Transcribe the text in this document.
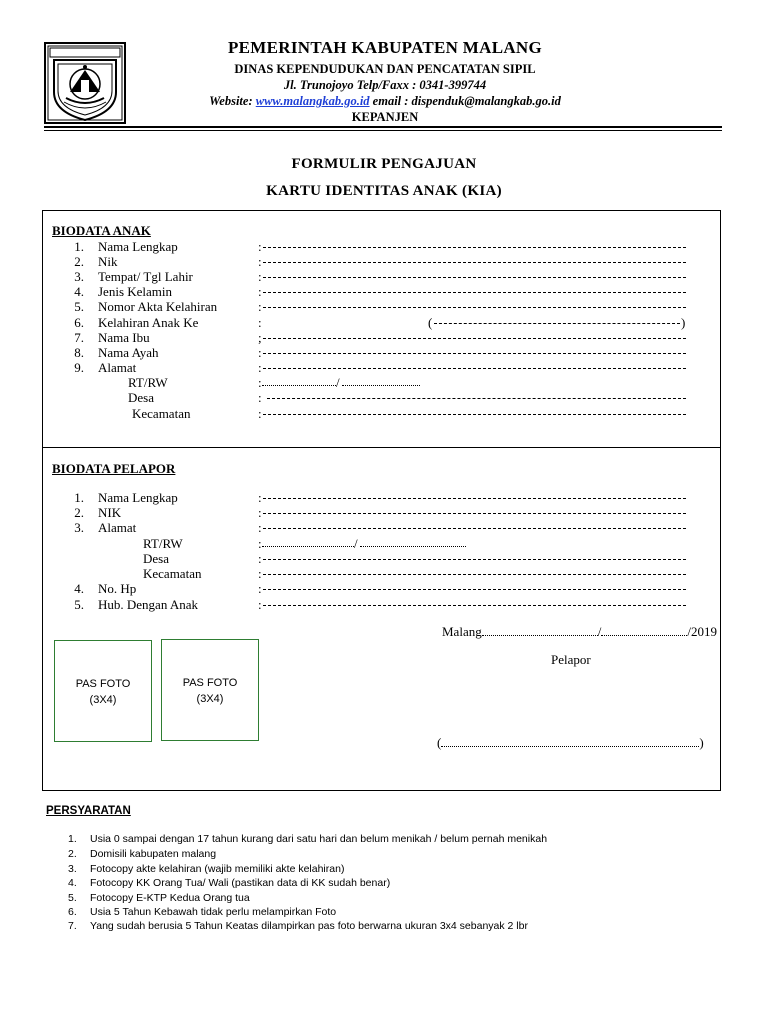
PEMERINTAH KABUPATEN MALANG
DINAS KEPENDUDUKAN DAN PENCATATAN SIPIL
Jl. Trunojoyo Telp/Faxx : 0341-399744
Website: www.malangkab.go.id email : dispenduk@malangkab.go.id
KEPANJEN
FORMULIR PENGAJUAN
KARTU IDENTITAS ANAK (KIA)
BIODATA ANAK
1. Nama Lengkap	:
2. Nik	:
3. Tempat/ Tgl Lahir	:
4. Jenis Kelamin	:
5. Nomor Akta Kelahiran	:
6. Kelahiran Anak Ke	:	(	)
7. Nama Ibu	;
8. Nama Ayah	:
9. Alamat	:
RT/RW	:	/
Desa	:
Kecamatan	:
BIODATA PELAPOR
1. Nama Lengkap	:
2. NIK	:
3. Alamat	:
RT/RW	:	/
Desa	:
Kecamatan	:
4. No. Hp	:
5. Hub. Dengan Anak	:
Malang	/	/2019
Pelapor
(	)
PAS FOTO
(3X4)
PAS FOTO
(3X4)
PERSYARATAN
1. Usia 0 sampai dengan 17 tahun kurang dari satu hari dan belum menikah / belum pernah menikah
2. Domisili kabupaten malang
3. Fotocopy akte kelahiran (wajib memiliki akte kelahiran)
4. Fotocopy KK Orang Tua/ Wali (pastikan data di KK sudah benar)
5. Fotocopy E-KTP Kedua Orang tua
6. Usia 5 Tahun Kebawah tidak perlu melampirkan Foto
7. Yang sudah berusia 5 Tahun Keatas dilampirkan pas foto berwarna ukuran 3x4 sebanyak 2 lbr
